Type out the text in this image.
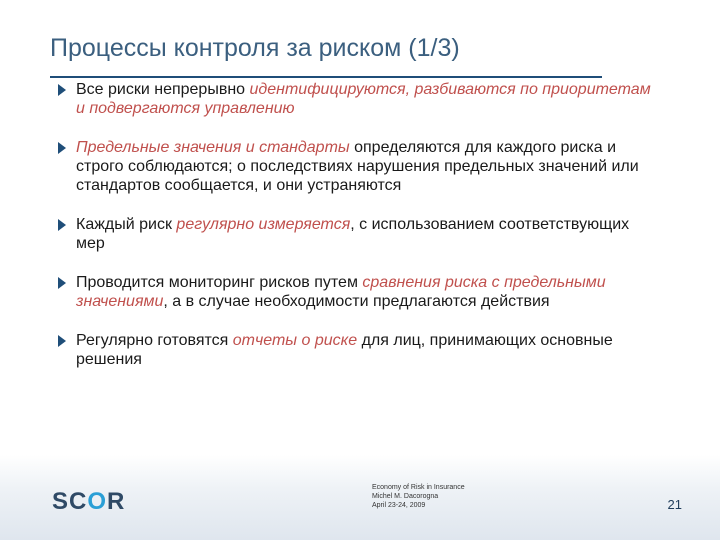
Процессы контроля за риском (1/3)
Все риски непрерывно идентифицируются, разбиваются по приоритетам и подвергаются управлению
Предельные значения и стандарты определяются для каждого риска и строго соблюдаются; о последствиях нарушения предельных значений или стандартов сообщается, и они устраняются
Каждый риск регулярно измеряется, с использованием соответствующих мер
Проводится мониторинг рисков путем сравнения риска с предельными значениями, а в случае необходимости предлагаются действия
Регулярно готовятся отчеты о риске для лиц, принимающих основные решения
SCOR
Economy of Risk in Insurance
Michel M. Dacorogna
April 23-24, 2009	21
